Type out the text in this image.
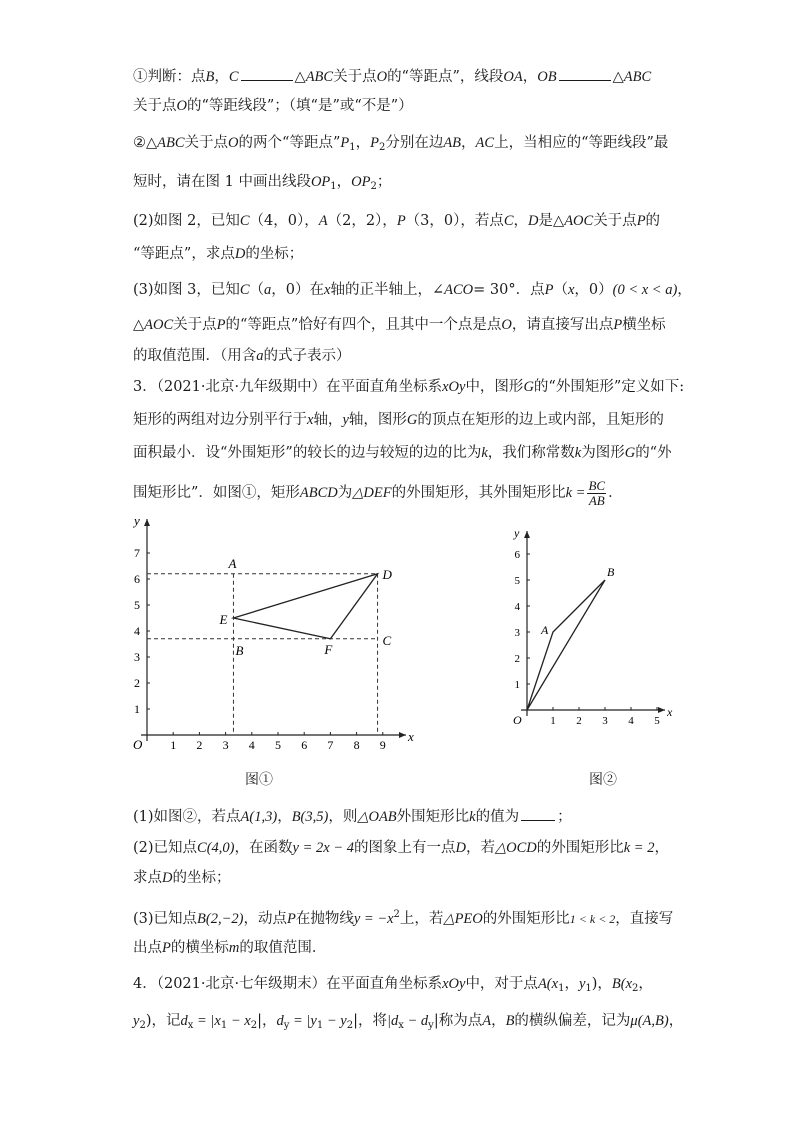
①判断：点B，C	△ABC关于点O的“等距点”，线段OA，OB	△ABC
关于点O的“等距线段”；（填“是”或“不是”）
②△ABC关于点O的两个“等距点$”P_1$，$P_2$分别在边AB，AC上，当相应的“等距线段”最
短时，请在图 1 中画出线段$OP_1$，$OP_2$；
(2)如图 2，已知C（4，0），A（2，2），P（3，0），若点C，D是△AOC关于点P的
“等距点”，求点D的坐标；
(3)如图 3，已知C（a，0）在x轴的正半轴上，∠ACO= 30°．点P（x，0）(0 < x < a)，
△AOC关于点P的“等距点”恰好有四个，且其中一个点是点O，请直接写出点P横坐标
的取值范围．（用含a的式子表示）
3．（2021·北京·九年级期中）在平面直角坐标系xOy中，图形G的“外围矩形”定义如下:
矩形的两组对边分别平行于x轴，y轴，图形G的顶点在矩形的边上或内部，且矩形的
面积最小．设“外围矩形”的较长的边与较短的边的比为k，我们称常数k为图形G的“外
围矩形比”．如图①，矩形ABCD为△DEF的外围矩形，其外围矩形比$k = \frac{BC}{AB}$ ．
x
y
O 1 2 3 4 5 6 7 8 9
1
2
3
4
5
6
7
D
E
F
A
B
C
图①
x
y
O	1 2 3 4 5
1
2
3
4
5
6
A
B
图②
(1)如图②，若点A(1,3)，B(3,5)，则△OAB外围矩形比k的值为	；
(2)已知点C(4,0)，在函数y = 2x − 4的图象上有一点D，若△OCD的外围矩形比k = 2，
求点D的坐标；
(3)已知点B(2,−2)，动点P在抛物线$y = -x^2$上，若△PEO的外围矩形比1 < k < 2，直接写
出点P的横坐标m的取值范围．
4．（2021·北京·七年级期末）在平面直角坐标系xOy中，对于点$A(x_1$，$y_1$)，$B(x_2$，
$y_2$)，记$d_x = |x_1 - x_2|$，$d_y = |y_1 - y_2|$，将$|d_x - d_y|$称为点A，B的横纵偏差，记为μ(A,B)，
